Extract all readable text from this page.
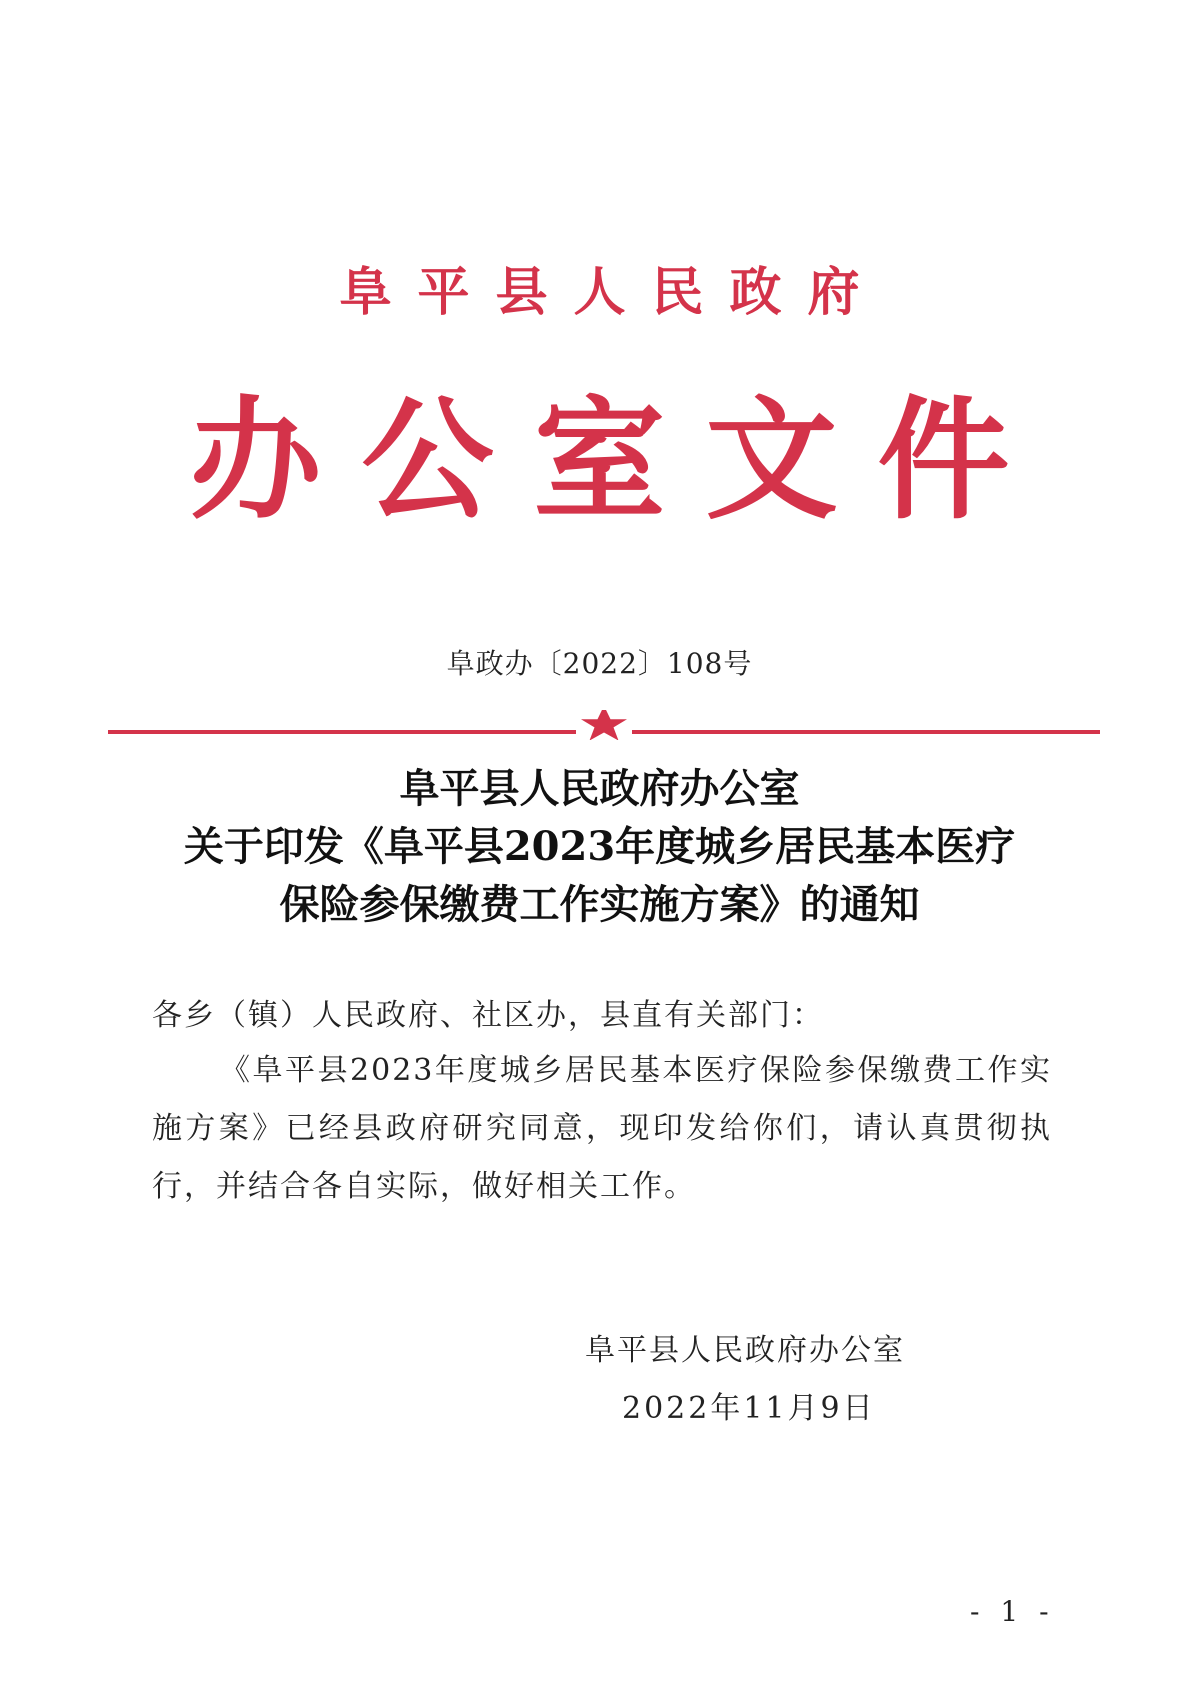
阜平县人民政府
办公室文件
阜政办〔2022〕108号
阜平县人民政府办公室
关于印发《阜平县2023年度城乡居民基本医疗
保险参保缴费工作实施方案》的通知
各乡（镇）人民政府、社区办，县直有关部门：
《阜平县2023年度城乡居民基本医疗保险参保缴费工作实施方案》已经县政府研究同意，现印发给你们，请认真贯彻执行，并结合各自实际，做好相关工作。
阜平县人民政府办公室
2022年11月9日
- 1 -
